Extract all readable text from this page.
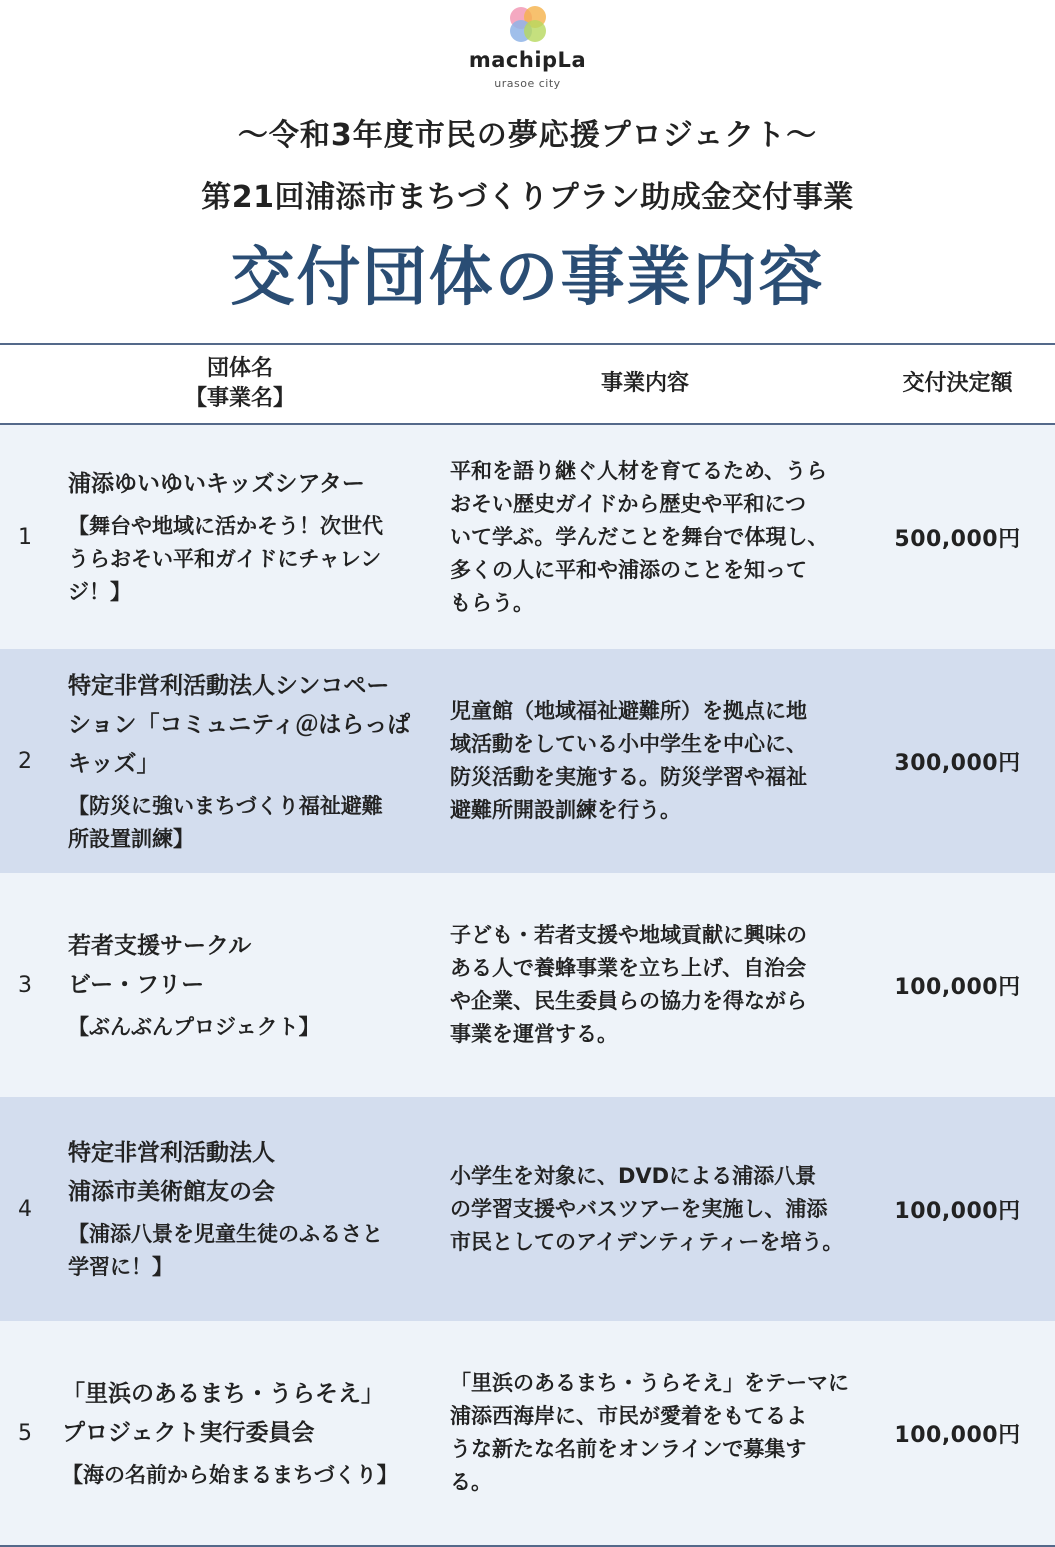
machipLa
urasoe city
〜令和3年度市民の夢応援プロジェクト〜
第21回浦添市まちづくりプラン助成金交付事業
交付団体の事業内容
団体名
【事業名】
事業内容	交付決定額
1
浦添ゆいゆいキッズシアター
【舞台や地域に活かそう！次世代
うらおそい平和ガイドにチャレン
ジ！】
平和を語り継ぐ人材を育てるため、うら
おそい歴史ガイドから歴史や平和につ
いて学ぶ。学んだことを舞台で体現し、
多くの人に平和や浦添のことを知って
もらう。
500,000円
2
特定非営利活動法人シンコペー
ション「コミュニティ＠はらっぱ
キッズ」
【防災に強いまちづくり福祉避難
所設置訓練】
児童館（地域福祉避難所）を拠点に地
域活動をしている小中学生を中心に、
防災活動を実施する。防災学習や福祉
避難所開設訓練を行う。
300,000円
3
若者支援サークル
ビー・フリー
【ぶんぶんプロジェクト】
子ども・若者支援や地域貢献に興味の
ある人で養蜂事業を立ち上げ、自治会
や企業、民生委員らの協力を得ながら
事業を運営する。
100,000円
4
特定非営利活動法人
浦添市美術館友の会
【浦添八景を児童生徒のふるさと
学習に！】
小学生を対象に、DVDによる浦添八景
の学習支援やバスツアーを実施し、浦添
市民としてのアイデンティティーを培う。
100,000円
5
「里浜のあるまち・うらそえ」
プロジェクト実行委員会
【海の名前から始まるまちづくり】
「里浜のあるまち・うらそえ」をテーマに
浦添西海岸に、市民が愛着をもてるよ
うな新たな名前をオンラインで募集す
る。
100,000円
